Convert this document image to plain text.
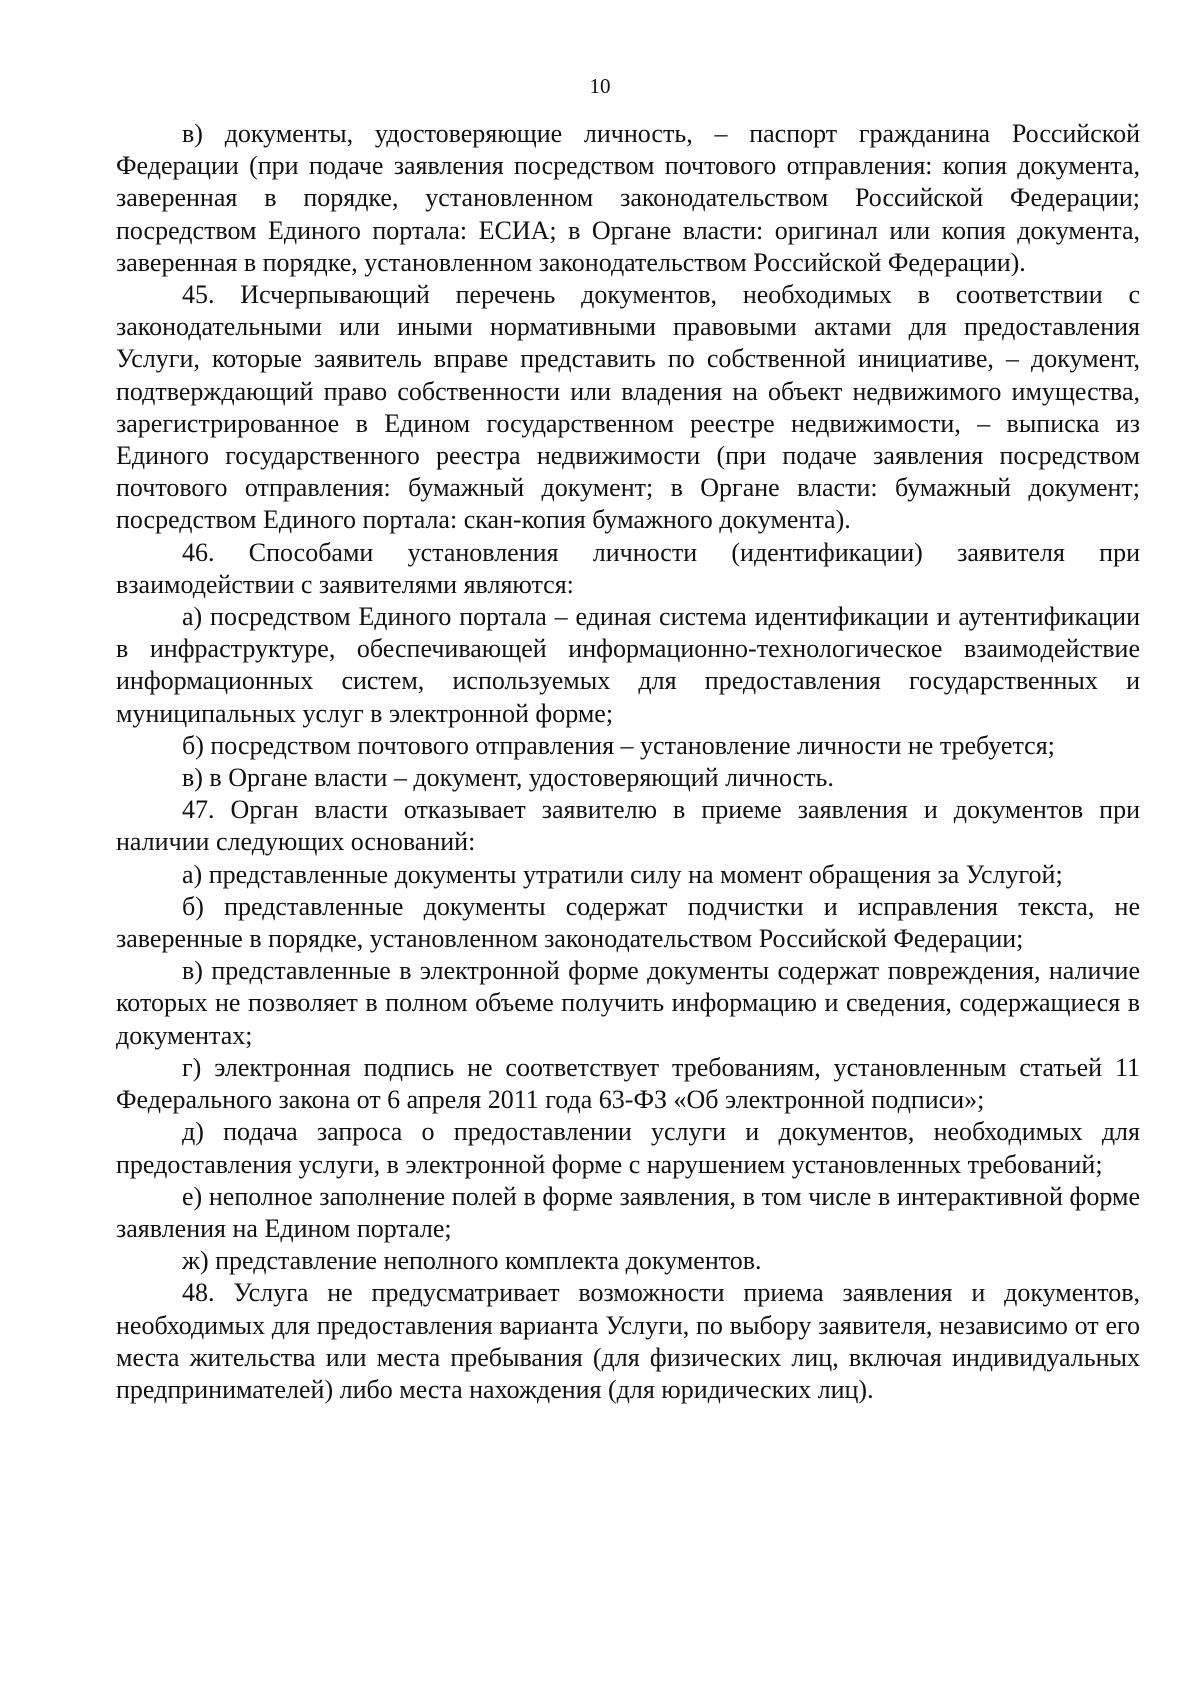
10

в) документы, удостоверяющие личность, – паспорт гражданина Российской Федерации (при подаче заявления посредством почтового отправления: копия документа, заверенная в порядке, установленном законодательством Российской Федерации; посредством Единого портала: ЕСИА; в Органе власти: оригинал или копия документа, заверенная в порядке, установленном законодательством Российской Федерации).

45. Исчерпывающий перечень документов, необходимых в соответствии с законодательными или иными нормативными правовыми актами для предоставления Услуги, которые заявитель вправе представить по собственной инициативе, – документ, подтверждающий право собственности или владения на объект недвижимого имущества, зарегистрированное в Едином государственном реестре недвижимости, – выписка из Единого государственного реестра недвижимости (при подаче заявления посредством почтового отправления: бумажный документ; в Органе власти: бумажный документ; посредством Единого портала: скан-копия бумажного документа).

46. Способами установления личности (идентификации) заявителя при взаимодействии с заявителями являются:

а) посредством Единого портала – единая система идентификации и аутентификации в инфраструктуре, обеспечивающей информационно-технологическое взаимодействие информационных систем, используемых для предоставления государственных и муниципальных услуг в электронной форме;

б) посредством почтового отправления – установление личности не требуется;

в) в Органе власти – документ, удостоверяющий личность.

47. Орган власти отказывает заявителю в приеме заявления и документов при наличии следующих оснований:

а) представленные документы утратили силу на момент обращения за Услугой;

б) представленные документы содержат подчистки и исправления текста, не заверенные в порядке, установленном законодательством Российской Федерации;

в) представленные в электронной форме документы содержат повреждения, наличие которых не позволяет в полном объеме получить информацию и сведения, содержащиеся в документах;

г) электронная подпись не соответствует требованиям, установленным статьей 11 Федерального закона от 6 апреля 2011 года 63-ФЗ «Об электронной подписи»;

д) подача запроса о предоставлении услуги и документов, необходимых для предоставления услуги, в электронной форме с нарушением установленных требований;

е) неполное заполнение полей в форме заявления, в том числе в интерактивной форме заявления на Едином портале;

ж) представление неполного комплекта документов.

48. Услуга не предусматривает возможности приема заявления и документов, необходимых для предоставления варианта Услуги, по выбору заявителя, независимо от его места жительства или места пребывания (для физических лиц, включая индивидуальных предпринимателей) либо места нахождения (для юридических лиц).
